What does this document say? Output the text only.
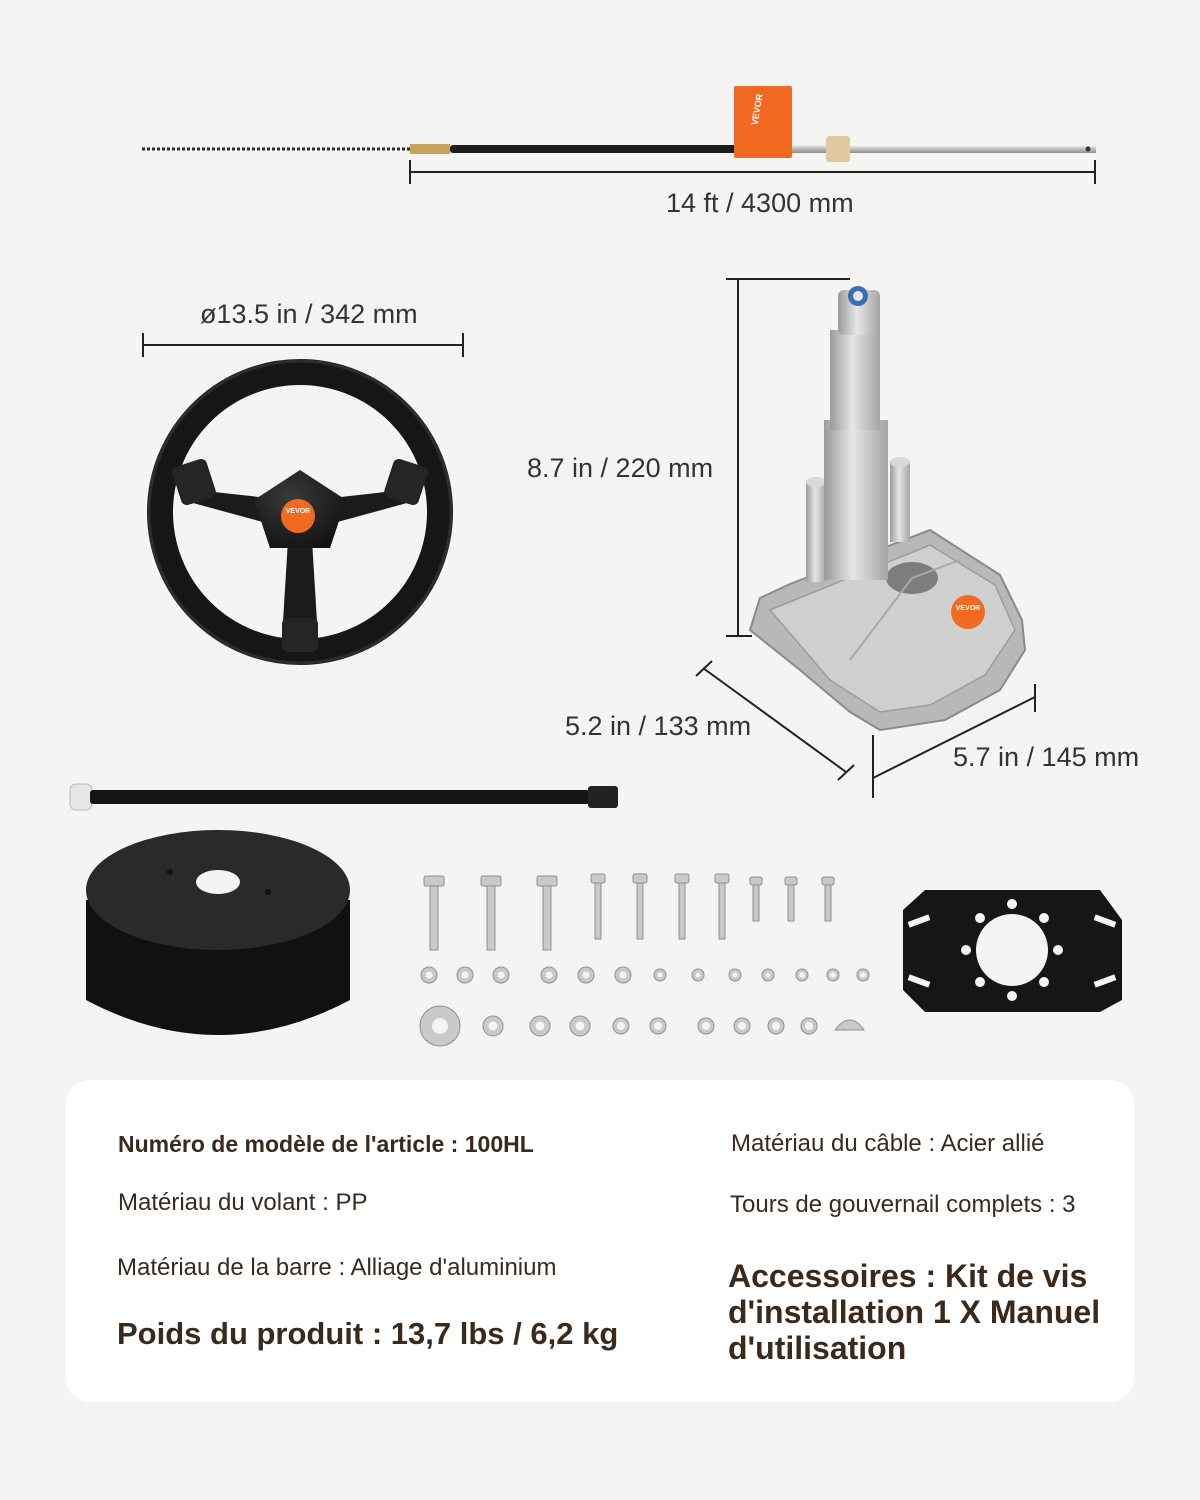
VEVOR
VEVOR
VEVOR
14 ft / 4300 mm
ø13.5 in / 342 mm
8.7 in / 220 mm
5.2 in / 133 mm
5.7 in / 145 mm
Numéro de modèle de l'article : 100HL
Matériau du volant : PP
Matériau de la barre : Alliage d'aluminium
Poids du produit : 13,7 lbs / 6,2 kg
Matériau du câble : Acier allié
Tours de gouvernail complets : 3
Accessoires : Kit de vis d'installation 1 X Manuel d'utilisation
